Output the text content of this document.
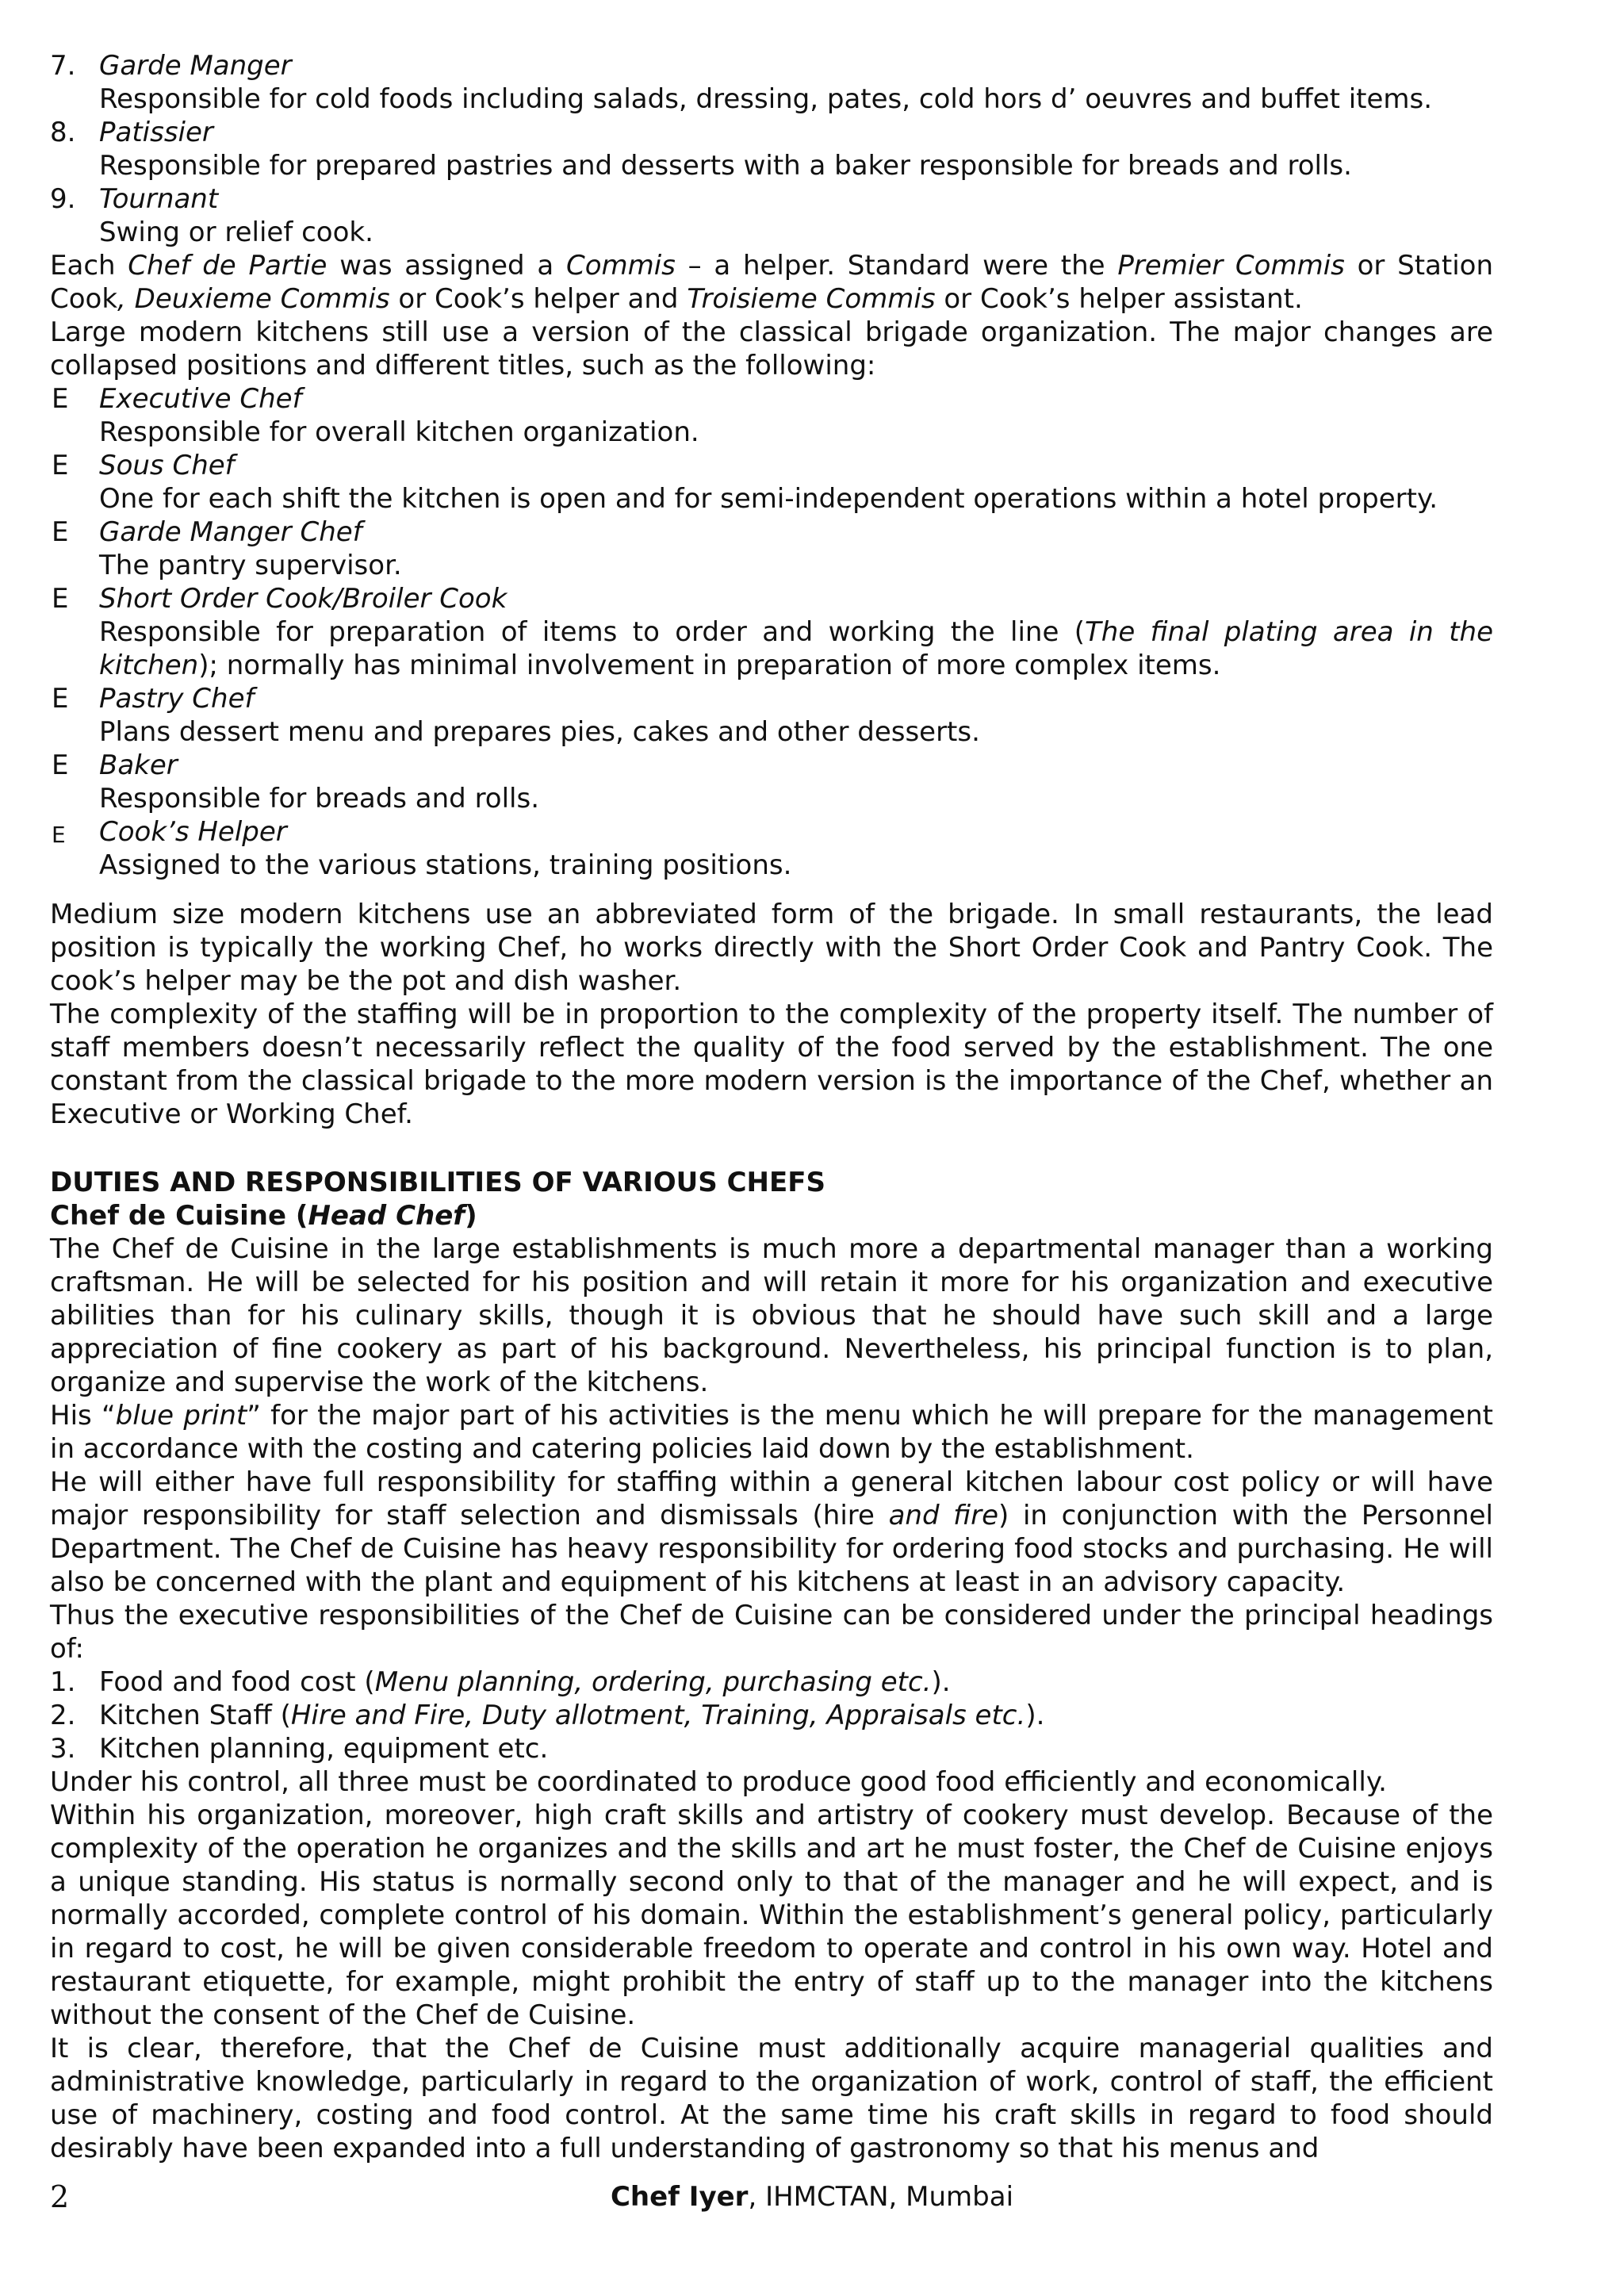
7. Garde Manger
Responsible for cold foods including salads, dressing, pates, cold hors d’ oeuvres and buffet items.
8. Patissier
Responsible for prepared pastries and desserts with a baker responsible for breads and rolls.
9. Tournant
Swing or relief cook.

Each Chef de Partie was assigned a Commis – a helper. Standard were the Premier Commis or Station Cook, Deuxieme Commis or Cook’s helper and Troisieme Commis or Cook’s helper assistant.

Large modern kitchens still use a version of the classical brigade organization. The major changes are collapsed positions and different titles, such as the following:

E Executive Chef
Responsible for overall kitchen organization.
E Sous Chef
One for each shift the kitchen is open and for semi-independent operations within a hotel property.
E Garde Manger Chef
The pantry supervisor.
E Short Order Cook/Broiler Cook
Responsible for preparation of items to order and working the line (The final plating area in the kitchen); normally has minimal involvement in preparation of more complex items.
E Pastry Chef
Plans dessert menu and prepares pies, cakes and other desserts.
E Baker
Responsible for breads and rolls.
E Cook’s Helper
Assigned to the various stations, training positions.

Medium size modern kitchens use an abbreviated form of the brigade. In small restaurants, the lead position is typically the working Chef, ho works directly with the Short Order Cook and Pantry Cook. The cook’s helper may be the pot and dish washer.

The complexity of the staffing will be in proportion to the complexity of the property itself. The number of staff members doesn’t necessarily reflect the quality of the food served by the establishment. The one constant from the classical brigade to the more modern version is the importance of the Chef, whether an Executive or Working Chef.

DUTIES AND RESPONSIBILITIES OF VARIOUS CHEFS

Chef de Cuisine (Head Chef)

The Chef de Cuisine in the large establishments is much more a departmental manager than a working craftsman. He will be selected for his position and will retain it more for his organization and executive abilities than for his culinary skills, though it is obvious that he should have such skill and a large appreciation of fine cookery as part of his background. Nevertheless, his principal function is to plan, organize and supervise the work of the kitchens.

His “blue print” for the major part of his activities is the menu which he will prepare for the management in accordance with the costing and catering policies laid down by the establishment.

He will either have full responsibility for staffing within a general kitchen labour cost policy or will have major responsibility for staff selection and dismissals (hire and fire) in conjunction with the Personnel Department. The Chef de Cuisine has heavy responsibility for ordering food stocks and purchasing. He will also be concerned with the plant and equipment of his kitchens at least in an advisory capacity.

Thus the executive responsibilities of the Chef de Cuisine can be considered under the principal headings of:

1. Food and food cost (Menu planning, ordering, purchasing etc.).
2. Kitchen Staff (Hire and Fire, Duty allotment, Training, Appraisals etc.).
3. Kitchen planning, equipment etc.

Under his control, all three must be coordinated to produce good food efficiently and economically.

Within his organization, moreover, high craft skills and artistry of cookery must develop. Because of the complexity of the operation he organizes and the skills and art he must foster, the Chef de Cuisine enjoys a unique standing. His status is normally second only to that of the manager and he will expect, and is normally accorded, complete control of his domain. Within the establishment’s general policy, particularly in regard to cost, he will be given considerable freedom to operate and control in his own way. Hotel and restaurant etiquette, for example, might prohibit the entry of staff up to the manager into the kitchens without the consent of the Chef de Cuisine.

It is clear, therefore, that the Chef de Cuisine must additionally acquire managerial qualities and administrative knowledge, particularly in regard to the organization of work, control of staff, the efficient use of machinery, costing and food control. At the same time his craft skills in regard to food should desirably have been expanded into a full understanding of gastronomy so that his menus and

2	Chef Iyer, IHMCTAN, Mumbai
